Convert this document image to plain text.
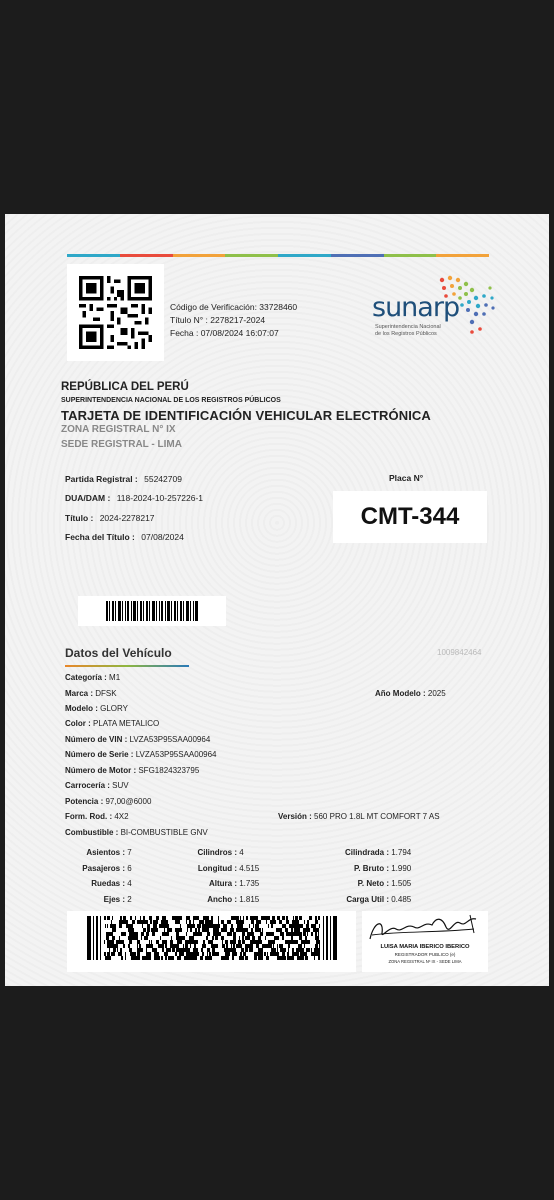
Código de Verificación: 33728460
Título N° : 2278217-2024
Fecha : 07/08/2024 16:07:07
sunarp
Superintendencia Nacional
de los Registros Públicos
REPÚBLICA DEL PERÚ
SUPERINTENDENCIA NACIONAL DE LOS REGISTROS PÚBLICOS
TARJETA DE IDENTIFICACIÓN VEHICULAR ELECTRÓNICA
ZONA REGISTRAL N° IX
SEDE REGISTRAL - LIMA
Partida Registral : 55242709
DUA/DAM : 118-2024-10-257226-1
Título : 2024-2278217
Fecha del Título : 07/08/2024
Placa N°
CMT-344
Datos del Vehículo	1009842464
Categoría : M1
Marca : DFSK	Año Modelo : 2025
Modelo : GLORY
Color : PLATA METALICO
Número de VIN : LVZA53P95SAA00964
Número de Serie : LVZA53P95SAA00964
Número de Motor : SFG1824323795
Carrocería : SUV
Potencia : 97,00@6000
Form. Rod. : 4X2	Versión : 560 PRO 1.8L MT COMFORT 7 AS
Combustible : BI-COMBUSTIBLE GNV
Asientos : 7	Cilindros : 4	Cilindrada : 1.794
Pasajeros : 6	Longitud : 4.515	P. Bruto : 1.990
Ruedas : 4	Altura : 1.735	P. Neto : 1.505
Ejes : 2	Ancho : 1.815	Carga Util : 0.485
LUISA MARIA IBERICO IBERICO
REGISTRADOR PUBLICO (e)
ZONA REGISTRAL Nº IX - SEDE LIMA
